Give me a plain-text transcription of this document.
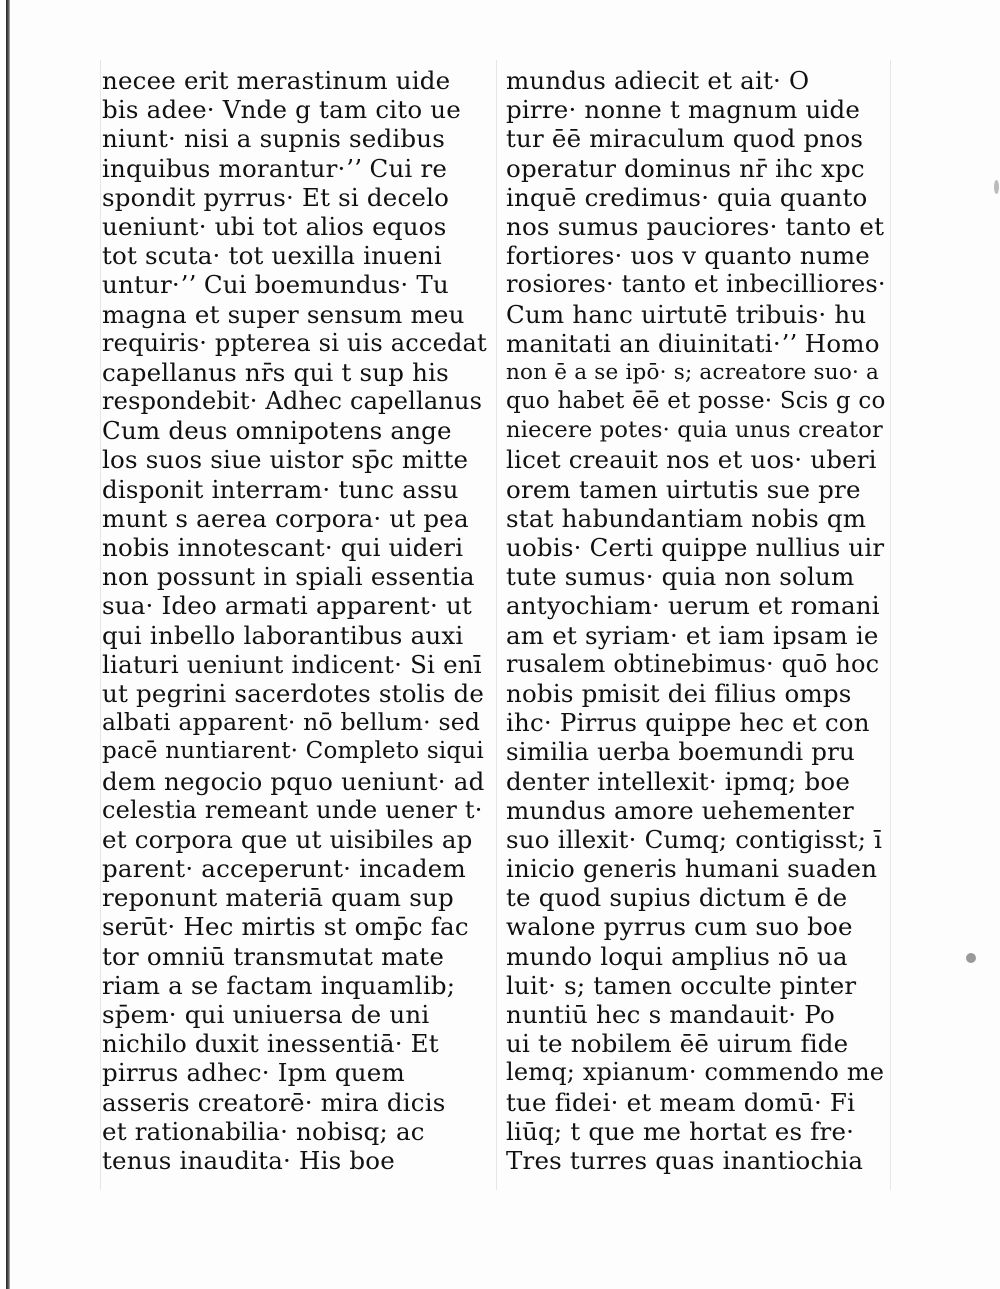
necee erit merastinum uide
bis adee· Vnde g tam cito ue
niunt· nisi a supnis sedibus
inquibus morantur·ʼʼ Cui re
spondit pyrrus· Et si decelo
ueniunt· ubi tot alios equos
tot scuta· tot uexilla inueni
untur·ʼʼ Cui boemundus· Tu
magna et super sensum meu
requiris· ppterea si uis accedat
capellanus nr̄s qui t sup his
respondebit· Adhec capellanus
Cum deus omnipotens ange
los suos siue uistor sp̄c mitte
disponit interram· tunc assu
munt s aerea corpora· ut pea
nobis innotescant· qui uideri
non possunt in spiali essentia
sua· Ideo armati apparent· ut
qui inbello laborantibus auxi
liaturi ueniunt indicent· Si enī
ut pegrini sacerdotes stolis de
albati apparent· nō bellum· sed
pacē nuntiarent· Completo siqui
dem negocio pquo ueniunt· ad
celestia remeant unde uener t·
et corpora que ut uisibiles ap
parent· acceperunt· incadem
reponunt materiā quam sup
serūt· Hec mirtis st omp̄c fac
tor omniū transmutat mate
riam a se factam inquamlib;
sp̄em· qui uniuersa de uni
nichilo duxit inessentiā· Et
pirrus adhec· Ipm quem
asseris creatorē· mira dicis
et rationabilia· nobisq; ac
tenus inaudita· His boe
mundus adiecit et ait· O
pirre· nonne t magnum uide
tur ēē miraculum quod pnos
operatur dominus nr̄ ihc xpc
inquē credimus· quia quanto
nos sumus pauciores· tanto et
fortiores· uos v quanto nume
rosiores· tanto et inbecilliores·
Cum hanc uirtutē tribuis· hu
manitati an diuinitati·ʼʼ Homo
non ē a se ipō· s; acreatore suo· a
quo habet ēē et posse· Scis g co
niecere potes· quia unus creator
licet creauit nos et uos· uberi
orem tamen uirtutis sue pre
stat habundantiam nobis qm
uobis· Certi quippe nullius uir
tute sumus· quia non solum
antyochiam· uerum et romani
am et syriam· et iam ipsam ie
rusalem obtinebimus· quō hoc
nobis pmisit dei filius omps
ihc· Pirrus quippe hec et con
similia uerba boemundi pru
denter intellexit· ipmq; boe
mundus amore uehementer
suo illexit· Cumq; contigisst; ī
inicio generis humani suaden
te quod supius dictum ē de
walone pyrrus cum suo boe
mundo loqui amplius nō ua
luit· s; tamen occulte pinter
nuntiū hec s mandauit· Po
ui te nobilem ēē uirum fide
lemq; xpianum· commendo me
tue fidei· et meam domū· Fi
liūq; t que me hortat es fre·
Tres turres quas inantiochia
